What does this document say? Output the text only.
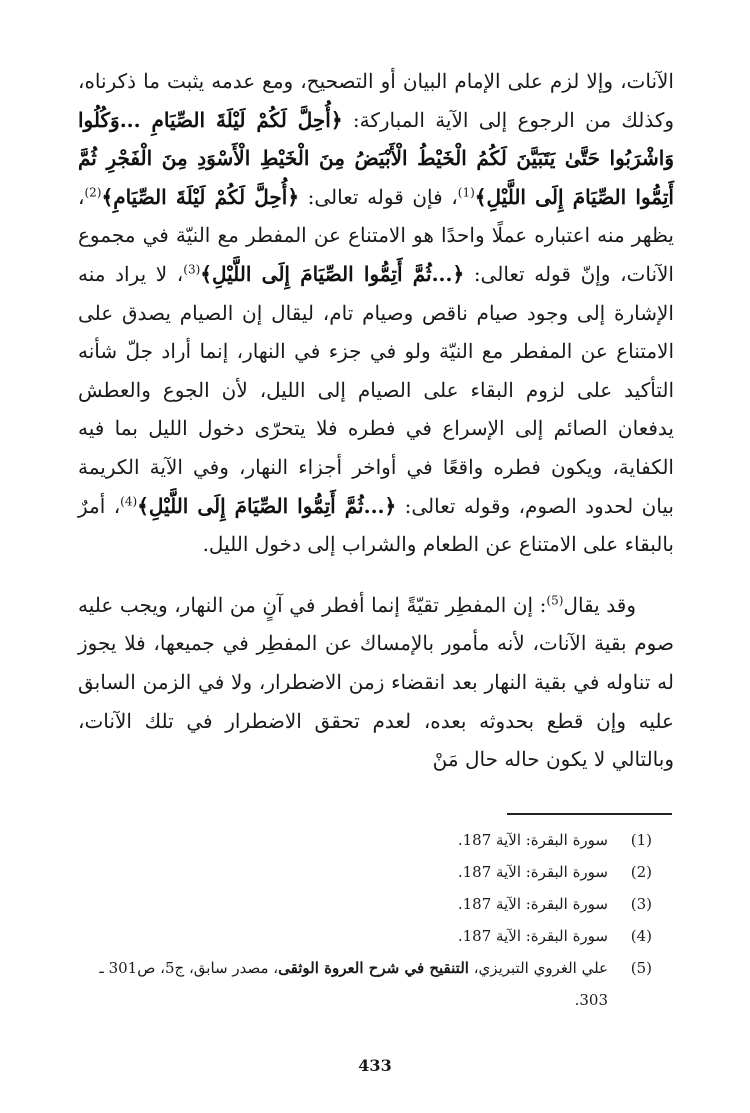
الآنات، وإلا لزم على الإمام البيان أو التصحيح، ومع عدمه يثبت ما ذكرناه، وكذلك من الرجوع إلى الآية المباركة: ﴿أُحِلَّ لَكُمْ لَيْلَةَ الصِّيَامِ ...وَكُلُوا وَاشْرَبُوا حَتَّىٰ يَتَبَيَّنَ لَكُمُ الْخَيْطُ الْأَبْيَضُ مِنَ الْخَيْطِ الْأَسْوَدِ مِنَ الْفَجْرِ ثُمَّ أَتِمُّوا الصِّيَامَ إِلَى اللَّيْلِ﴾$^{(1)}$، فإن قوله تعالى: ﴿أُحِلَّ لَكُمْ لَيْلَةَ الصِّيَامِ﴾$^{(2)}$، يظهر منه اعتباره عملًا واحدًا هو الامتناع عن المفطر مع النيّة في مجموع الآنات، وإنّ قوله تعالى: ﴿...ثُمَّ أَتِمُّوا الصِّيَامَ إِلَى اللَّيْلِ﴾$^{(3)}$، لا يراد منه الإشارة إلى وجود صيام ناقص وصيام تام، ليقال إن الصيام يصدق على الامتناع عن المفطر مع النيّة ولو في جزء في النهار، إنما أراد جلّ شأنه التأكيد على لزوم البقاء على الصيام إلى الليل، لأن الجوع والعطش يدفعان الصائم إلى الإسراع في فطره فلا يتحرّى دخول الليل بما فيه الكفاية، ويكون فطره واقعًا في أواخر أجزاء النهار، وفي الآية الكريمة بيان لحدود الصوم، وقوله تعالى: ﴿...ثُمَّ أَتِمُّوا الصِّيَامَ إِلَى اللَّيْلِ﴾$^{(4)}$، أمرٌ بالبقاء على الامتناع عن الطعام والشراب إلى دخول الليل.

وقد يقال$^{(5)}$: إن المفطِر تقيّةً إنما أفطر في آنٍ من النهار، ويجب عليه صوم بقية الآنات، لأنه مأمور بالإمساك عن المفطِر في جميعها، فلا يجوز له تناوله في بقية النهار بعد انقضاء زمن الاضطرار، ولا في الزمن السابق عليه وإن قطع بحدوثه بعده، لعدم تحقق الاضطرار في تلك الآنات، وبالتالي لا يكون حاله حال مَنْ

(1)
سورة البقرة: الآية 187.
(2)
سورة البقرة: الآية 187.
(3)
سورة البقرة: الآية 187.
(4)
سورة البقرة: الآية 187.
(5)
علي الغروي التبريزي، التنقيح في شرح العروة الوثقى، مصدر سابق، ج5، ص301 ـ 303.
433
